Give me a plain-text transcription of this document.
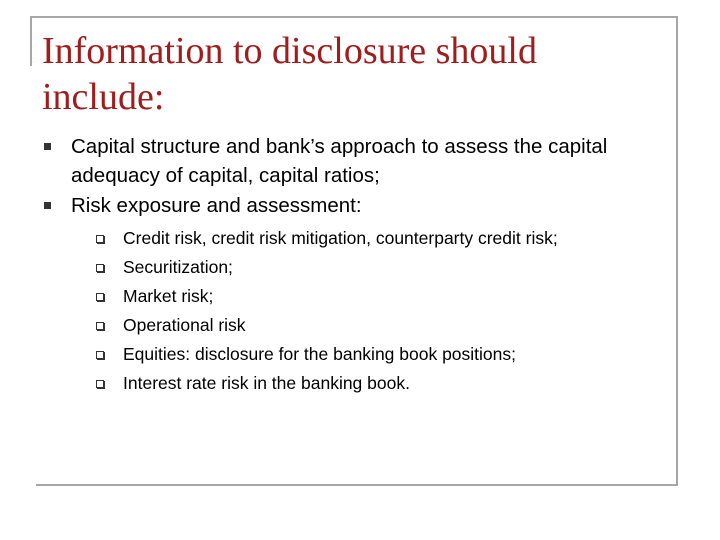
Information to disclosure should include:
Capital structure and bank’s approach to assess the capital adequacy of capital, capital ratios;
Risk exposure and assessment:
Credit risk, credit risk mitigation, counterparty credit risk;
Securitization;
Market risk;
Operational risk
Equities: disclosure for the banking book positions;
Interest rate risk in the banking book.
